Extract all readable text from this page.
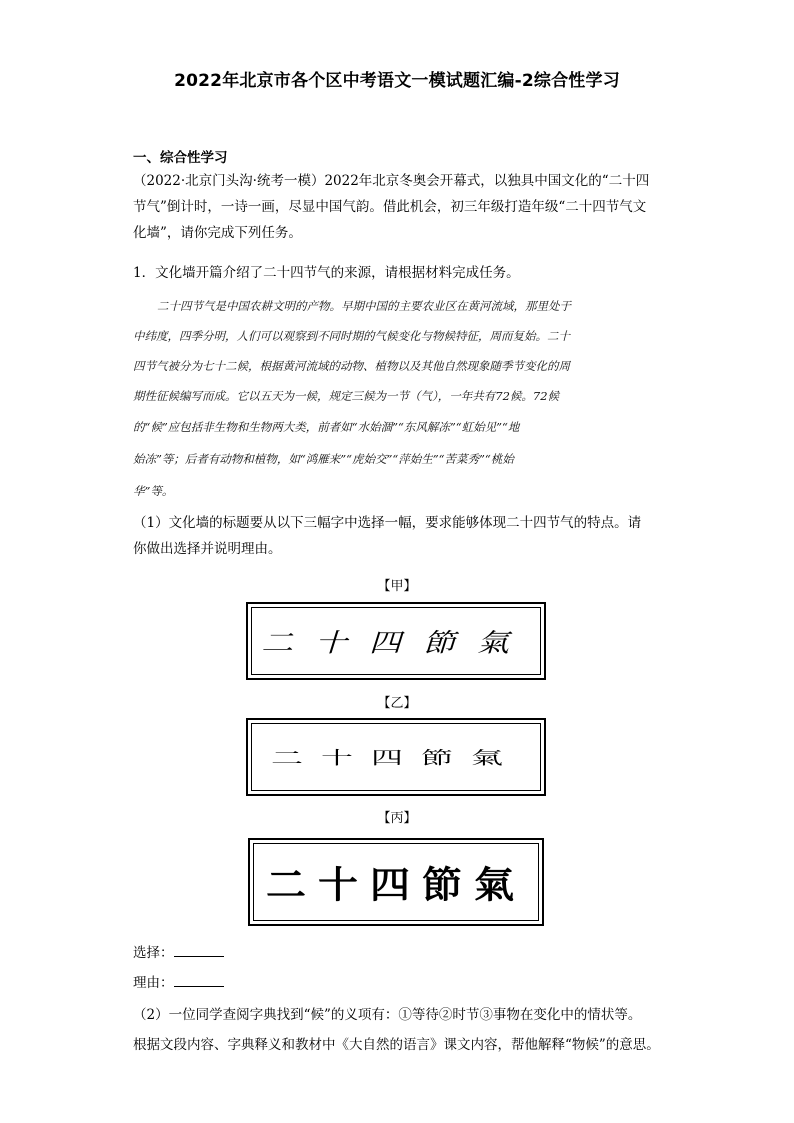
2022年北京市各个区中考语文一模试题汇编-2综合性学习
一、综合性学习
（2022·北京门头沟·统考一模）2022年北京冬奥会开幕式，以独具中国文化的“二十四
节气”倒计时，一诗一画，尽显中国气韵。借此机会，初三年级打造年级“二十四节气文
化墙”，请你完成下列任务。
1．文化墙开篇介绍了二十四节气的来源，请根据材料完成任务。
二十四节气是中国农耕文明的产物。早期中国的主要农业区在黄河流域，那里处于
中纬度，四季分明，人们可以观察到不同时期的气候变化与物候特征，周而复始。二十
四节气被分为七十二候，根据黄河流域的动物、植物以及其他自然现象随季节变化的周
期性征候编写而成。它以五天为一候，规定三候为一节（气），一年共有72候。72候
的“候”应包括非生物和生物两大类，前者如“水始涸”“东风解冻”“虹始见”“地
始冻”等；后者有动物和植物，如“鸿雁来”“虎始交”“萍始生”“苦菜秀”“桃始
华”等。
（1）文化墙的标题要从以下三幅字中选择一幅，要求能够体现二十四节气的特点。请
你做出选择并说明理由。
【甲】
二十四節氣
【乙】
二十四節氣
【丙】
二十四節氣
选择：
理由：
（2）一位同学查阅字典找到“候”的义项有：①等待②时节③事物在变化中的情状等。
根据文段内容、字典释义和教材中《大自然的语言》课文内容，帮他解释“物候”的意思。
